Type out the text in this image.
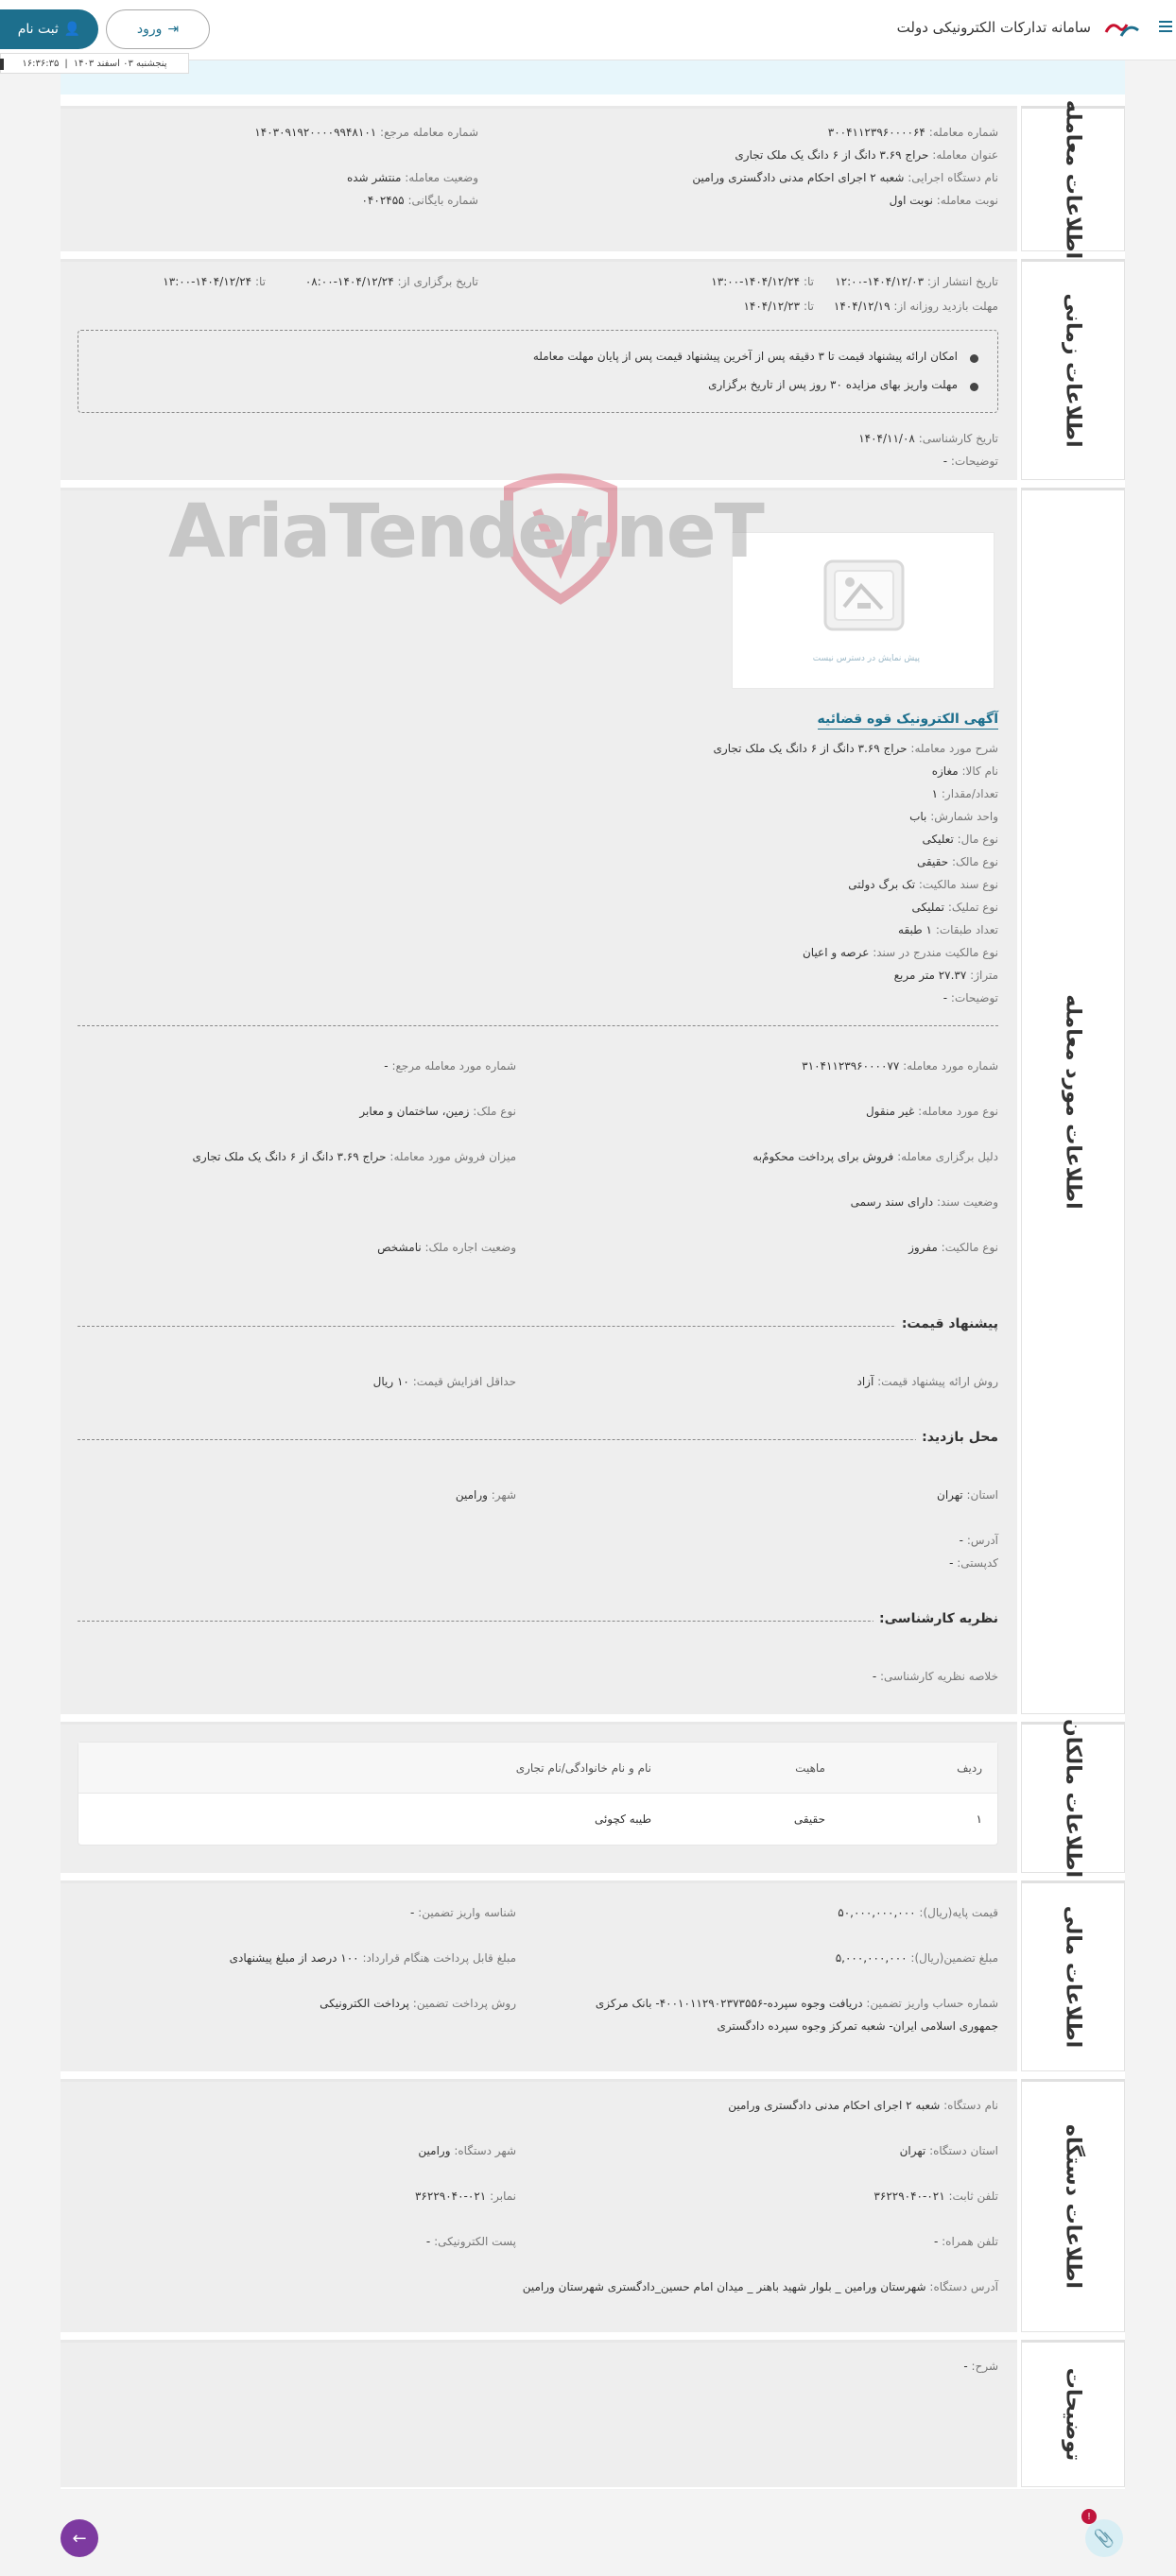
سامانه تدارکات الکترونیکی دولت
⇥
ورود
👤
ثبت نام
پنجشنبه ۰۳ اسفند ۱۴۰۳
|
۱۶:۳۶:۳۵
شماره معامله: ۳۰۰۴۱۱۲۳۹۶۰۰۰۰۶۴
شماره معامله مرجع: ۱۴۰۳۰۹۱۹۲۰۰۰۰۹۹۴۸۱۰۱
عنوان معامله: حراج ۳.۶۹ دانگ از ۶ دانگ یک ملک تجاری
نام دستگاه اجرایی: شعبه ۲ اجرای احکام مدنی دادگستری ورامین
وضعیت معامله: منتشر شده
نوبت معامله: نوبت اول
شماره بایگانی: ۰۴۰۲۴۵۵	اطلاعات معامله
تاریخ انتشار از: ۱۴۰۴/۱۲/۰۳-۱۲:۰۰
تا: ۱۴۰۴/۱۲/۲۴-۱۳:۰۰
تاریخ برگزاری از: ۱۴۰۴/۱۲/۲۴-۰۸:۰۰
تا: ۱۴۰۴/۱۲/۲۴-۱۳:۰۰
مهلت بازدید روزانه از: ۱۴۰۴/۱۲/۱۹
تا: ۱۴۰۴/۱۲/۲۳
امکان ارائه پیشنهاد قیمت تا ۳ دقیقه پس از آخرین پیشنهاد قیمت پس از پایان مهلت معامله
مهلت واریز بهای مزایده ۳۰ روز پس از تاریخ برگزاری
تاریخ کارشناسی: ۱۴۰۴/۱۱/۰۸
توضیحات: -
اطلاعات زمانی
پیش نمایش در دسترس نیست
آگهی الکترونیک قوه قضائیه
شرح مورد معامله: حراج ۳.۶۹ دانگ از ۶ دانگ یک ملک تجاری
نام کالا: مغازه
تعداد/مقدار: ۱
واحد شمارش: باب
نوع مال: تعلیکی
نوع مالک: حقیقی
نوع سند مالکیت: تک برگ دولتی
نوع تملیک: تملیکی
تعداد طبقات: ۱ طبقه
نوع مالکیت مندرج در سند: عرصه و اعیان
متراژ: ۲۷.۳۷ متر مربع
توضیحات: -
شماره مورد معامله: ۳۱۰۴۱۱۲۳۹۶۰۰۰۰۷۷
شماره مورد معامله مرجع: -
نوع مورد معامله: غیر منقول
نوع ملک: زمین، ساختمان و معابر
دلیل برگزاری معامله: فروش برای پرداخت محکومٌ‌به
میزان فروش مورد معامله: حراج ۳.۶۹ دانگ از ۶ دانگ یک ملک تجاری
وضعیت سند: دارای سند رسمی
نوع مالکیت: مفروز
وضعیت اجاره ملک: نامشخص
پیشنهاد قیمت:
روش ارائه پیشنهاد قیمت: آزاد
حداقل افزایش قیمت: ۱۰ ریال
محل بازدید:
استان: تهران
شهر: ورامین
آدرس: -
کدپستی: -
نظریه کارشناسی:
خلاصه نظریه کارشناسی: -
اطلاعات مورد معامله
ردیف
ماهیت
نام و نام خانوادگی/نام تجاری
۱
حقیقی
طیبه کچوئی	اطلاعات مالکان
قیمت پایه(ریال): ۵۰,۰۰۰,۰۰۰,۰۰۰
شناسه واریز تضمین: -
مبلغ تضمین(ریال): ۵,۰۰۰,۰۰۰,۰۰۰
مبلغ قابل پرداخت هنگام قرارداد: ۱۰۰ درصد از مبلغ پیشنهادی
شماره حساب واریز تضمین: دریافت وجوه سپرده-۴۰۰۱۰۱۱۲۹۰۲۳۷۳۵۵۶- بانک مرکزی
جمهوری اسلامی ایران- شعبه تمرکز وجوه سپرده دادگستری
روش پرداخت تضمین: پرداخت الکترونیکی	اطلاعات مالی
نام دستگاه: شعبه ۲ اجرای احکام مدنی دادگستری ورامین
استان دستگاه: تهران
شهر دستگاه: ورامین
تلفن ثابت: ۰۲۱-۳۶۲۲۹۰۴۰
نمابر: ۰۲۱-۳۶۲۲۹۰۴۰
تلفن همراه: -
پست الکترونیکی: -
آدرس دستگاه: شهرستان ورامین _ بلوار شهید باهنر _ میدان امام حسین_دادگستری شهرستان ورامین	اطلاعات دستگاه
شرح: -
توضیحات
AriaTender.neT
←	📎
!
